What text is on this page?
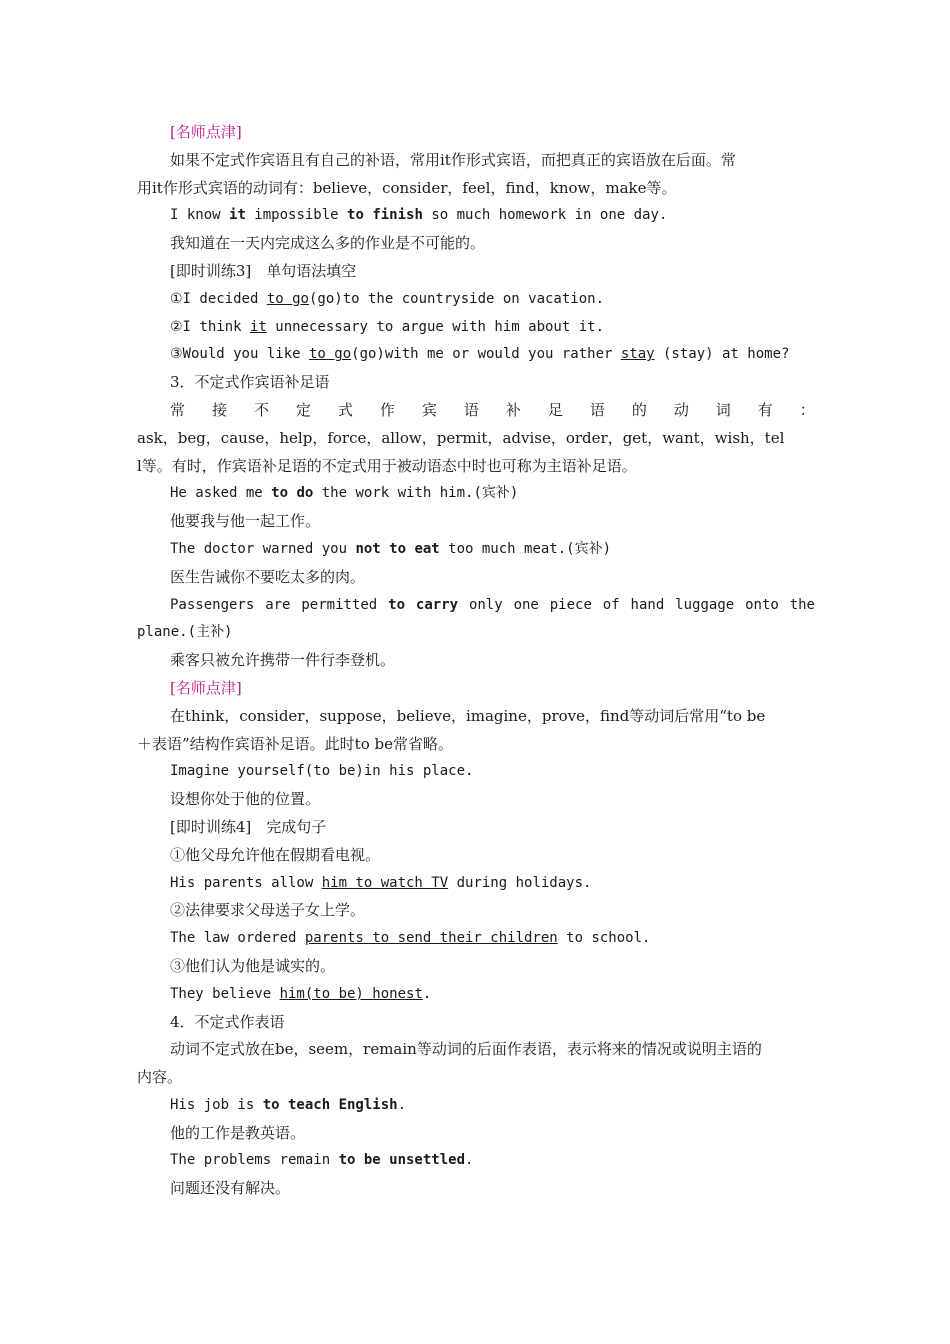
[名师点津]
如果不定式作宾语且有自己的补语，常用it作形式宾语，而把真正的宾语放在后面。常
用it作形式宾语的动词有：believe，consider，feel，find，know，make等。
I know it impossible to finish so much homework in one day.
我知道在一天内完成这么多的作业是不可能的。
[即时训练3]　单句语法填空
①I decided to go(go)to the countryside on vacation.
②I think it unnecessary to argue with him about it.
③Would you like to go(go)with me or would you rather stay (stay) at home?
3．不定式作宾语补足语
常 接 不 定 式 作 宾 语 补 足 语 的 动 词 有 ：
ask，beg，cause，help，force，allow，permit，advise，order，get，want，wish，tel
l等。有时，作宾语补足语的不定式用于被动语态中时也可称为主语补足语。
He asked me to do the work with him.(宾补)
他要我与他一起工作。
The doctor warned you not to eat too much meat.(宾补)
医生告诫你不要吃太多的肉。
Passengers are permitted to carry only one piece of hand luggage onto the
plane.(主补)
乘客只被允许携带一件行李登机。
[名师点津]
在think，consider，suppose，believe，imagine，prove，find等动词后常用“to be
＋表语”结构作宾语补足语。此时to be常省略。
Imagine yourself(to be)in his place.
设想你处于他的位置。
[即时训练4]　完成句子
①他父母允许他在假期看电视。
His parents allow him to watch TV during holidays.
②法律要求父母送子女上学。
The law ordered parents to send their children to school.
③他们认为他是诚实的。
They believe him(to be) honest.
4．不定式作表语
动词不定式放在be，seem，remain等动词的后面作表语，表示将来的情况或说明主语的
内容。
His job is to teach English.
他的工作是教英语。
The problems remain to be unsettled.
问题还没有解决。
